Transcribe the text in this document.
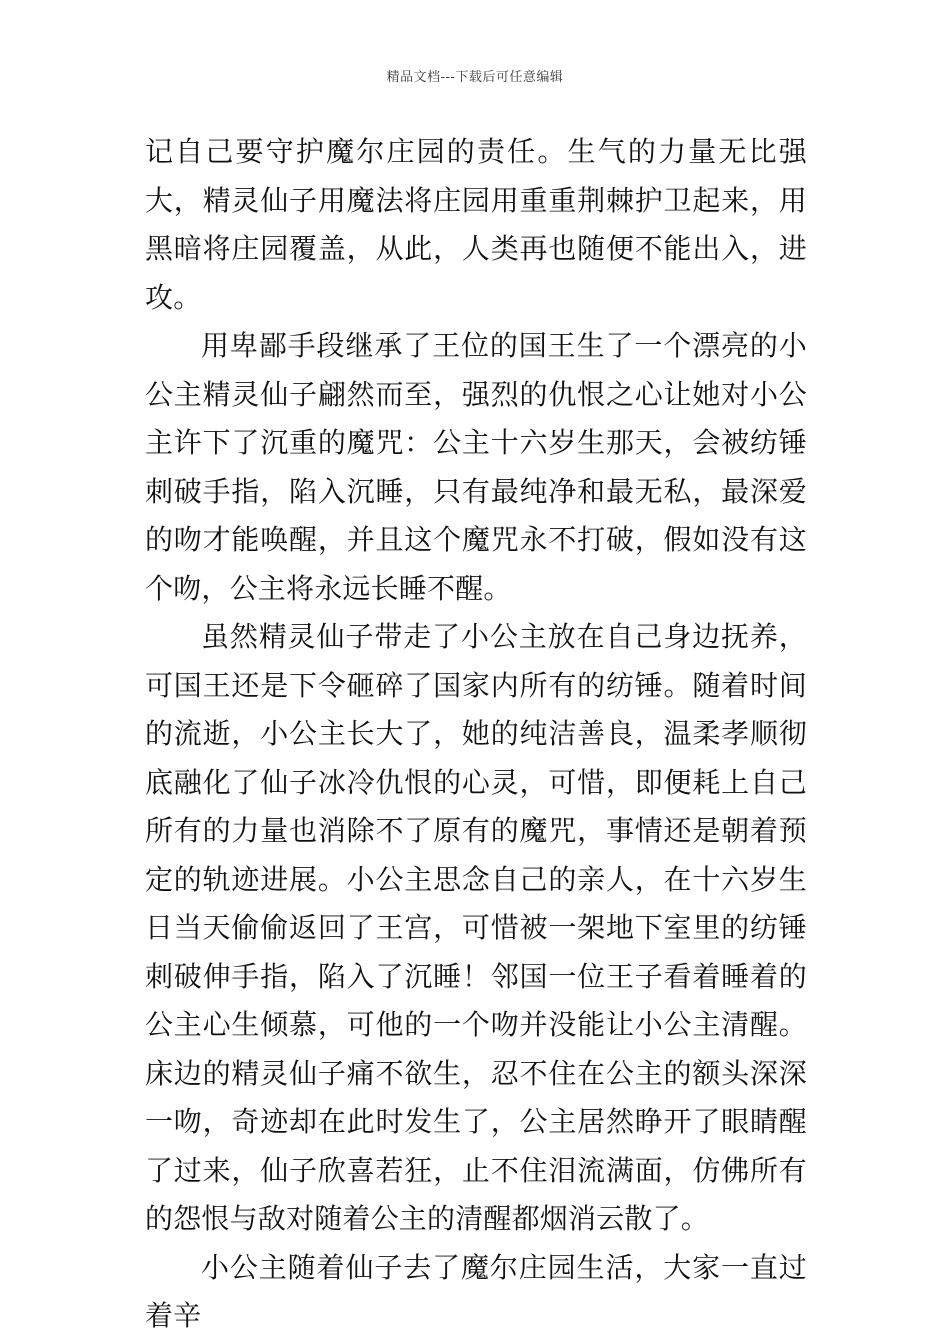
精品文档---下载后可任意编辑

记自己要守护魔尔庄园的责任。生气的力量无比强大，精灵仙子用魔法将庄园用重重荆棘护卫起来，用黑暗将庄园覆盖，从此，人类再也随便不能出入，进攻。

用卑鄙手段继承了王位的国王生了一个漂亮的小公主精灵仙子翩然而至，强烈的仇恨之心让她对小公主许下了沉重的魔咒：公主十六岁生那天，会被纺锤刺破手指，陷入沉睡，只有最纯净和最无私，最深爱的吻才能唤醒，并且这个魔咒永不打破，假如没有这个吻，公主将永远长睡不醒。

虽然精灵仙子带走了小公主放在自己身边抚养，可国王还是下令砸碎了国家内所有的纺锤。随着时间的流逝，小公主长大了，她的纯洁善良，温柔孝顺彻底融化了仙子冰冷仇恨的心灵，可惜，即便耗上自己所有的力量也消除不了原有的魔咒，事情还是朝着预定的轨迹进展。小公主思念自己的亲人，在十六岁生日当天偷偷返回了王宫，可惜被一架地下室里的纺锤刺破伸手指，陷入了沉睡！邻国一位王子看着睡着的公主心生倾慕，可他的一个吻并没能让小公主清醒。床边的精灵仙子痛不欲生，忍不住在公主的额头深深一吻，奇迹却在此时发生了，公主居然睁开了眼睛醒了过来，仙子欣喜若狂，止不住泪流满面，仿佛所有的怨恨与敌对随着公主的清醒都烟消云散了。

小公主随着仙子去了魔尔庄园生活，大家一直过着辛
